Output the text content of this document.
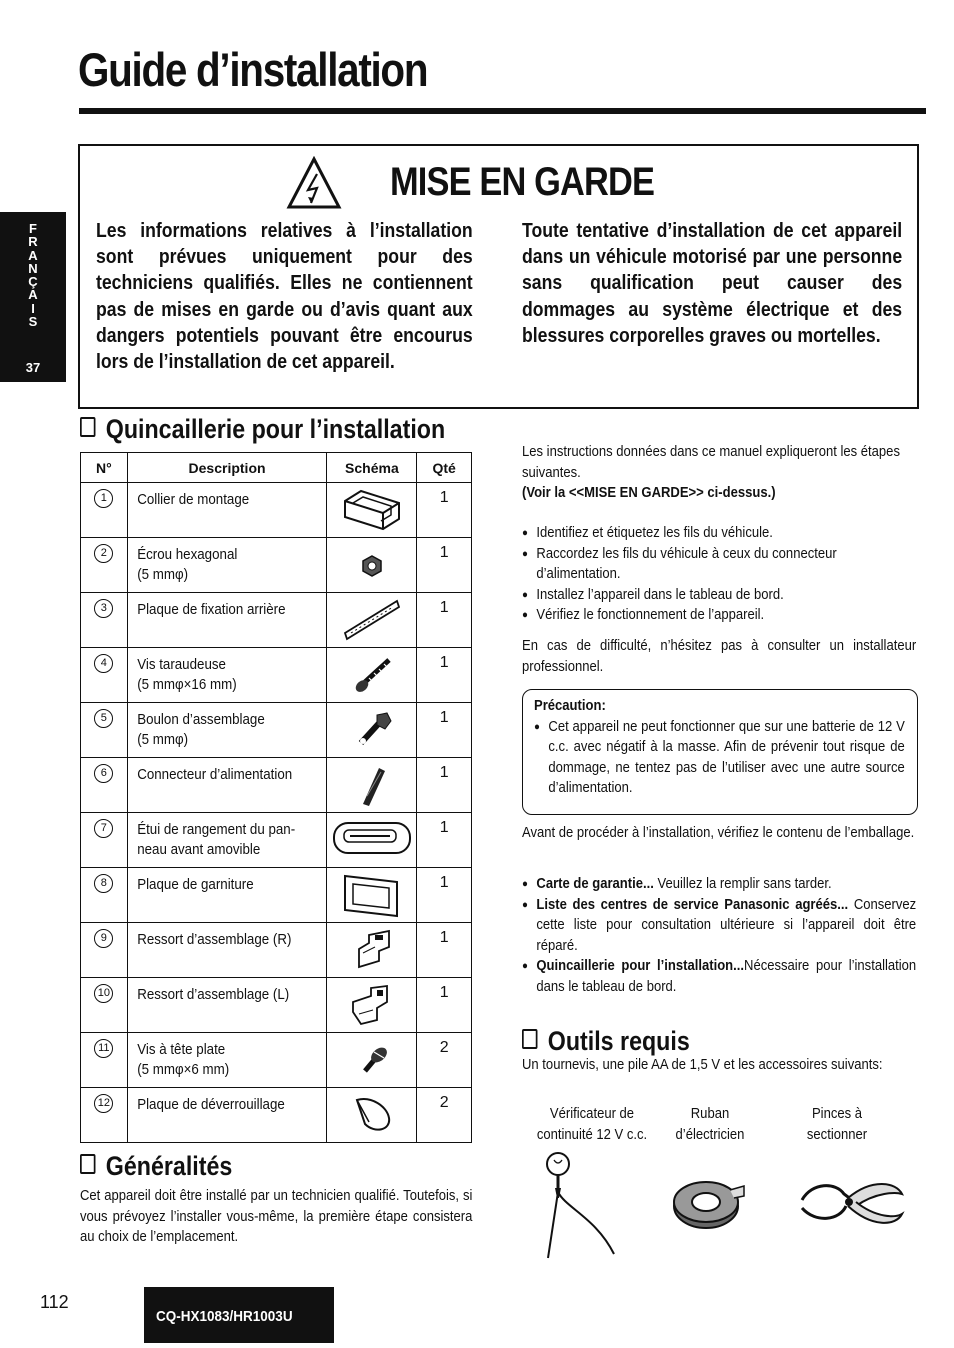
Guide d’installation
F
R
A
N
Ç
A
I
S
37
MISE EN GARDE
Les informations relatives à l’installation sont prévues uniquement pour des techniciens qualifiés. Elles ne contiennent pas de mises en garde ou d’avis quant aux dangers potentiels pouvant être encourus lors de l’installation de cet appareil.
Toute tentative d’installation de cet appareil dans un véhicule motorisé par une personne sans qualification peut causer des dommages au système électrique et des blessures corporelles graves ou mortelles.
Quincaillerie pour l’installation
N°	Description	Schéma	Qté
1	Collier de montage		1

2	Écrou hexagonal
(5 mmφ)		1

3	Plaque de fixation arrière		1

4	Vis taraudeuse
(5 mmφ×16 mm)		1

5	Boulon d’assemblage
(5 mmφ)		1

6	Connecteur d’alimentation		1

7	Étui de rangement du pan-
neau avant amovible		1

8	Plaque de garniture		1

9	Ressort d’assemblage (R)		1

10	Ressort d’assemblage (L)		1

11	Vis à tête plate
(5 mmφ×6 mm)		2

12	Plaque de déverrouillage		2
Généralités
Cet appareil doit être installé par un technicien qualifié. Toutefois, si vous prévoyez l’installer vous-même, la première étape consistera au choix de l’emplacement.
Les instructions données dans ce manuel expliqueront les étapes suivantes.
(Voir la <<MISE EN GARDE>> ci-dessus.)
● Identifiez et étiquetez les fils du véhicule.
● Raccordez les fils du véhicule à ceux du connecteur d’alimentation.
● Installez l’appareil dans le tableau de bord.
● Vérifiez le fonctionnement de l’appareil.
En cas de difficulté, n’hésitez pas à consulter un installateur professionnel.
Précaution:
● Cet appareil ne peut fonctionner que sur une batterie de 12 V c.c. avec négatif à la masse. Afin de prévenir tout risque de dommage, ne tentez pas de l’utiliser avec une autre source d’alimentation.
Avant de procéder à l’installation, vérifiez le contenu de l’emballage.
● Carte de garantie... Veuillez la remplir sans tarder.
● Liste des centres de service Panasonic agréés... Conservez cette liste pour consultation ultérieure si l’appareil doit être réparé.
● Quincaillerie pour l’installation...Nécessaire pour l’installation dans le tableau de bord.
Outils requis
Un tournevis, une pile AA de 1,5 V et les accessoires suivants:
Vérificateur de
continuité 12 V c.c.
Ruban
d’électricien
Pinces à
sectionner
112
CQ-HX1083/HR1003U
